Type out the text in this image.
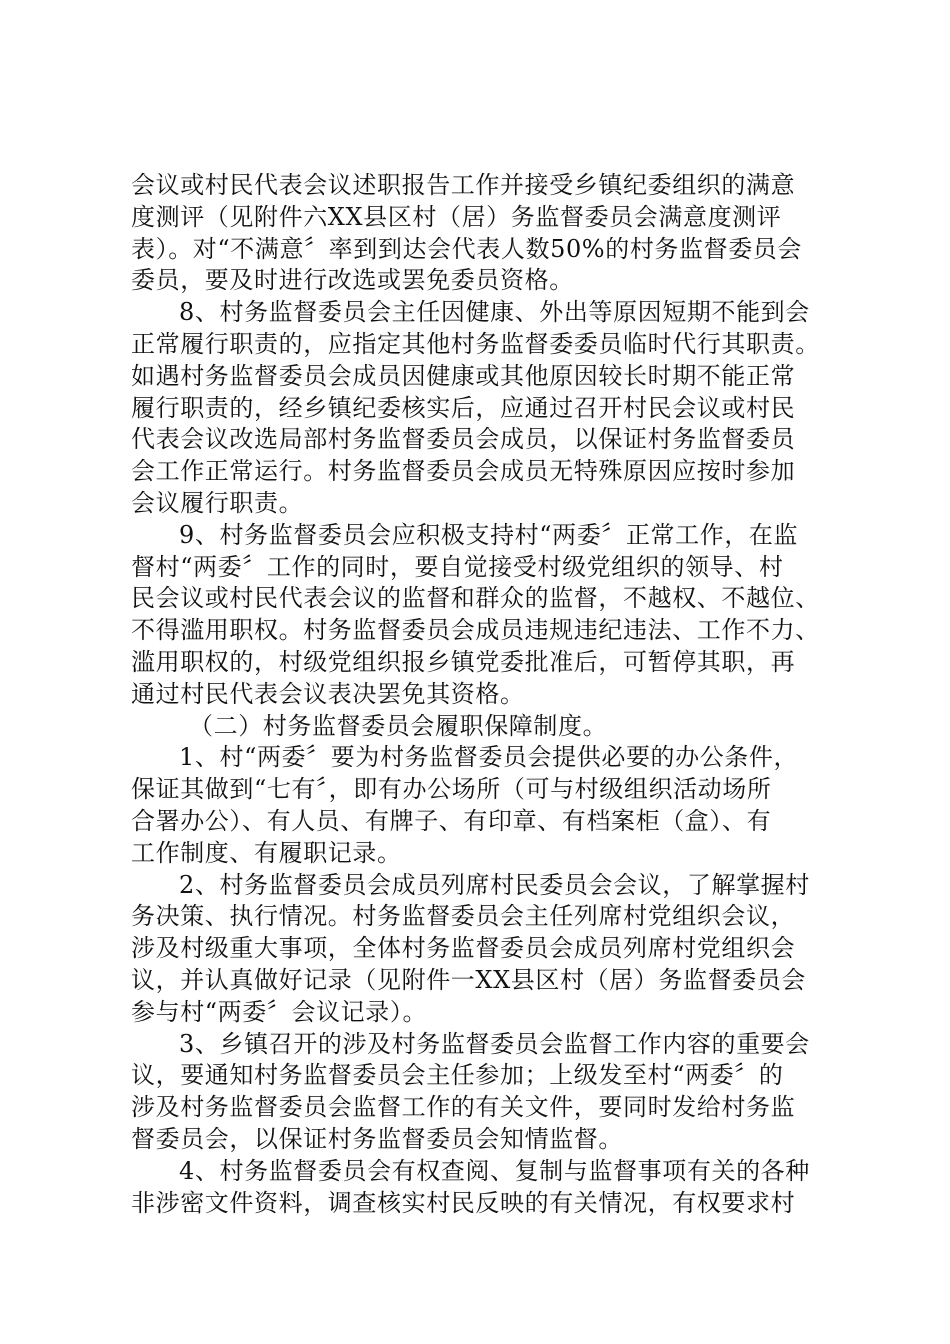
会议或村民代表会议述职报告工作并接受乡镇纪委组织的满意
度测评（见附件六XX县区村（居）务监督委员会满意度测评
表）。对“不满意〞率到到达会代表人数50%的村务监督委员会
委员，要及时进行改选或罢免委员资格。
8、村务监督委员会主任因健康、外出等原因短期不能到会
正常履行职责的，应指定其他村务监督委委员临时代行其职责。
如遇村务监督委员会成员因健康或其他原因较长时期不能正常
履行职责的，经乡镇纪委核实后，应通过召开村民会议或村民
代表会议改选局部村务监督委员会成员，以保证村务监督委员
会工作正常运行。村务监督委员会成员无特殊原因应按时参加
会议履行职责。
9、村务监督委员会应积极支持村“两委〞正常工作，在监
督村“两委〞工作的同时，要自觉接受村级党组织的领导、村
民会议或村民代表会议的监督和群众的监督，不越权、不越位、
不得滥用职权。村务监督委员会成员违规违纪违法、工作不力、
滥用职权的，村级党组织报乡镇党委批准后，可暂停其职，再
通过村民代表会议表决罢免其资格。
（二）村务监督委员会履职保障制度。
1、村“两委〞要为村务监督委员会提供必要的办公条件，
保证其做到“七有〞，即有办公场所（可与村级组织活动场所
合署办公）、有人员、有牌子、有印章、有档案柜（盒）、有
工作制度、有履职记录。
2、村务监督委员会成员列席村民委员会会议，了解掌握村
务决策、执行情况。村务监督委员会主任列席村党组织会议，
涉及村级重大事项，全体村务监督委员会成员列席村党组织会
议，并认真做好记录（见附件一XX县区村（居）务监督委员会
参与村“两委〞会议记录）。
3、乡镇召开的涉及村务监督委员会监督工作内容的重要会
议，要通知村务监督委员会主任参加；上级发至村“两委〞的
涉及村务监督委员会监督工作的有关文件，要同时发给村务监
督委员会，以保证村务监督委员会知情监督。
4、村务监督委员会有权查阅、复制与监督事项有关的各种
非涉密文件资料，调查核实村民反映的有关情况，有权要求村
